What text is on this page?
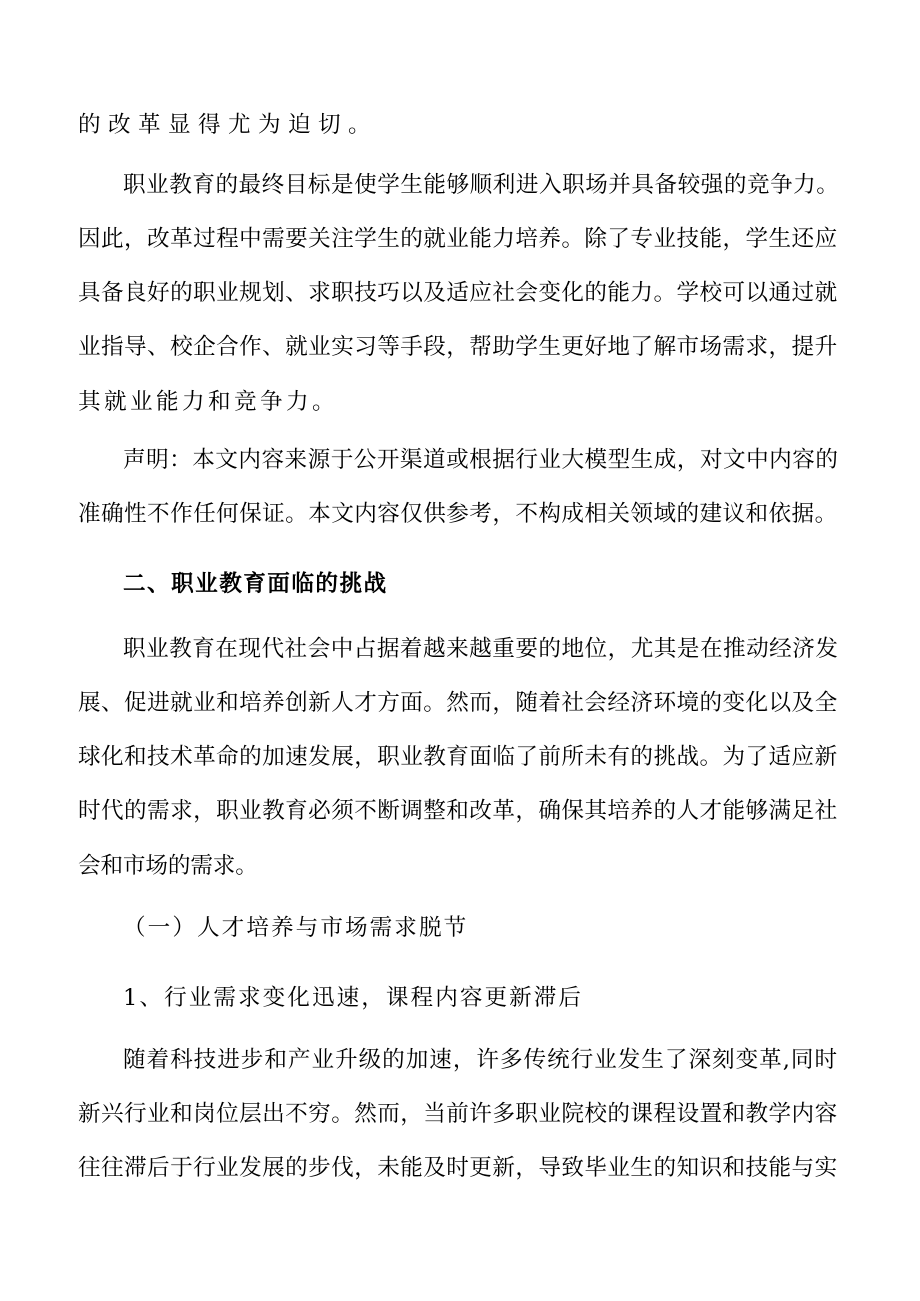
的改革显得尤为迫切。
职业教育的最终目标是使学生能够顺利进入职场并具备较强的竞争力。
因此，改革过程中需要关注学生的就业能力培养。除了专业技能，学生还应
具备良好的职业规划、求职技巧以及适应社会变化的能力。学校可以通过就
业指导、校企合作、就业实习等手段，帮助学生更好地了解市场需求，提升
其就业能力和竞争力。
声明：本文内容来源于公开渠道或根据行业大模型生成，对文中内容的
准确性不作任何保证。本文内容仅供参考，不构成相关领域的建议和依据。
二、职业教育面临的挑战
职业教育在现代社会中占据着越来越重要的地位，尤其是在推动经济发
展、促进就业和培养创新人才方面。然而，随着社会经济环境的变化以及全
球化和技术革命的加速发展，职业教育面临了前所未有的挑战。为了适应新
时代的需求，职业教育必须不断调整和改革，确保其培养的人才能够满足社
会和市场的需求。
（一）人才培养与市场需求脱节
1、行业需求变化迅速，课程内容更新滞后
随着科技进步和产业升级的加速，许多传统行业发生了深刻变革,同时
新兴行业和岗位层出不穷。然而，当前许多职业院校的课程设置和教学内容
往往滞后于行业发展的步伐，未能及时更新，导致毕业生的知识和技能与实
